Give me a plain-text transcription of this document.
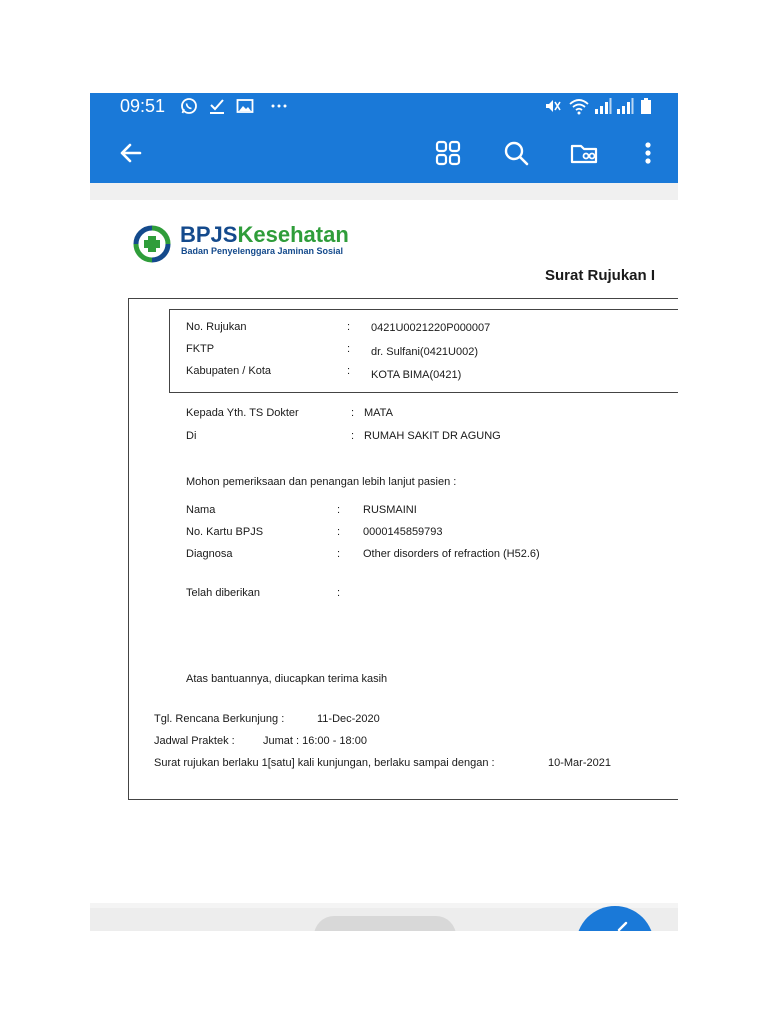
09:51
BPJSKesehatan
Badan Penyelenggara Jaminan Sosial
Surat Rujukan I
No. Rujukan	: 0421U0021220P000007
FKTP	: dr. Sulfani(0421U002)
Kabupaten / Kota	: KOTA BIMA(0421)
Kepada Yth. TS Dokter	: MATA
Di	: RUMAH SAKIT DR AGUNG
Mohon pemeriksaan dan penangan lebih lanjut pasien :
Nama	: RUSMAINI
No. Kartu BPJS	: 0000145859793
Diagnosa	: Other disorders of refraction (H52.6)
Telah diberikan	:
Atas bantuannya, diucapkan terima kasih
Tgl. Rencana Berkunjung :	11-Dec-2020
Jadwal Praktek :	Jumat : 16:00 - 18:00
Surat rujukan berlaku 1[satu] kali kunjungan, berlaku sampai dengan :	10-Mar-2021
